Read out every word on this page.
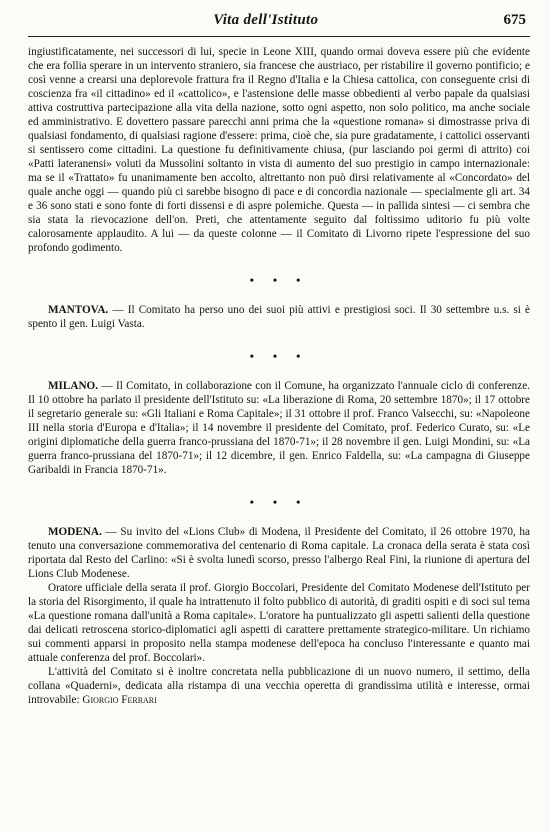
Vita dell'Istituto	675

ingiustificatamente, nei successori di lui, specie in Leone XIII, quando ormai doveva essere più che evidente che era follia sperare in un intervento straniero, sia francese che austriaco, per ristabilire il governo pontificio; e così venne a crearsi una deplorevole frattura fra il Regno d'Italia e la Chiesa cattolica, con conseguente crisi di coscienza fra «il cittadino» ed il «cattolico», e l'astensione delle masse obbedienti al verbo papale da qualsiasi attiva costruttiva partecipazione alla vita della nazione, sotto ogni aspetto, non solo politico, ma anche sociale ed amministrativo. E dovettero passare parecchi anni prima che la «questione romana» si dimostrasse priva di qualsiasi fondamento, di qualsiasi ragione d'essere: prima, cioè che, sia pure gradatamente, i cattolici osservanti si sentissero come cittadini. La questione fu definitivamente chiusa, (pur lasciando poi germi di attrito) coi «Patti lateranensi» voluti da Mussolini soltanto in vista di aumento del suo prestigio in campo internazionale: ma se il «Trattato» fu unanimamente ben accolto, altrettanto non può dirsi relativamente al «Concordato» del quale anche oggi — quando più ci sarebbe bisogno di pace e di concordia nazionale — specialmente gli art. 34 e 36 sono stati e sono fonte di forti dissensi e di aspre polemiche. Questa — in pallida sintesi — ci sembra che sia stata la rievocazione dell'on. Preti, che attentamente seguito dal foltissimo uditorio fu più volte calorosamente applaudito. A lui — da queste colonne — il Comitato di Livorno ripete l'espressione del suo profondo godimento.

• • •

MANTOVA. — Il Comitato ha perso uno dei suoi più attivi e prestigiosi soci. Il 30 settembre u.s. si è spento il gen. Luigi Vasta.

• • •

MILANO. — Il Comitato, in collaborazione con il Comune, ha organizzato l'annuale ciclo di conferenze. Il 10 ottobre ha parlato il presidente dell'Istituto su: «La liberazione di Roma, 20 settembre 1870»; il 17 ottobre il segretario generale su: «Gli Italiani e Roma Capitale»; il 31 ottobre il prof. Franco Valsecchi, su: «Napoleone III nella storia d'Europa e d'Italia»; il 14 novembre il presidente del Comitato, prof. Federico Curato, su: «Le origini diplomatiche della guerra franco-prussiana del 1870-71»; il 28 novembre il gen. Luigi Mondini, su: «La guerra franco-prussiana del 1870-71»; il 12 dicembre, il gen. Enrico Faldella, su: «La campagna di Giuseppe Garibaldi in Francia 1870-71».

• • •

MODENA. — Su invito del «Lions Club» di Modena, il Presidente del Comitato, il 26 ottobre 1970, ha tenuto una conversazione commemorativa del centenario di Roma capitale. La cronaca della serata è stata così riportata dal Resto del Carlino: «Si è svolta lunedì scorso, presso l'albergo Real Fini, la riunione di apertura del Lions Club Modenese.

Oratore ufficiale della serata il prof. Giorgio Boccolari, Presidente del Comitato Modenese dell'Istituto per la storia del Risorgimento, il quale ha intrattenuto il folto pubblico di autorità, di graditi ospiti e di soci sul tema «La questione romana dall'unità a Roma capitale». L'oratore ha puntualizzato gli aspetti salienti della questione dai delicati retroscena storico-diplomatici agli aspetti di carattere prettamente strategico-militare. Un richiamo sui commenti apparsi in proposito nella stampa modenese dell'epoca ha concluso l'interessante e quanto mai attuale conferenza del prof. Boccolari».

L'attività del Comitato si è inoltre concretata nella pubblicazione di un nuovo numero, il settimo, della collana «Quaderni», dedicata alla ristampa di una vecchia operetta di grandissima utilità e interesse, ormai introvabile: Giorgio Ferrari
